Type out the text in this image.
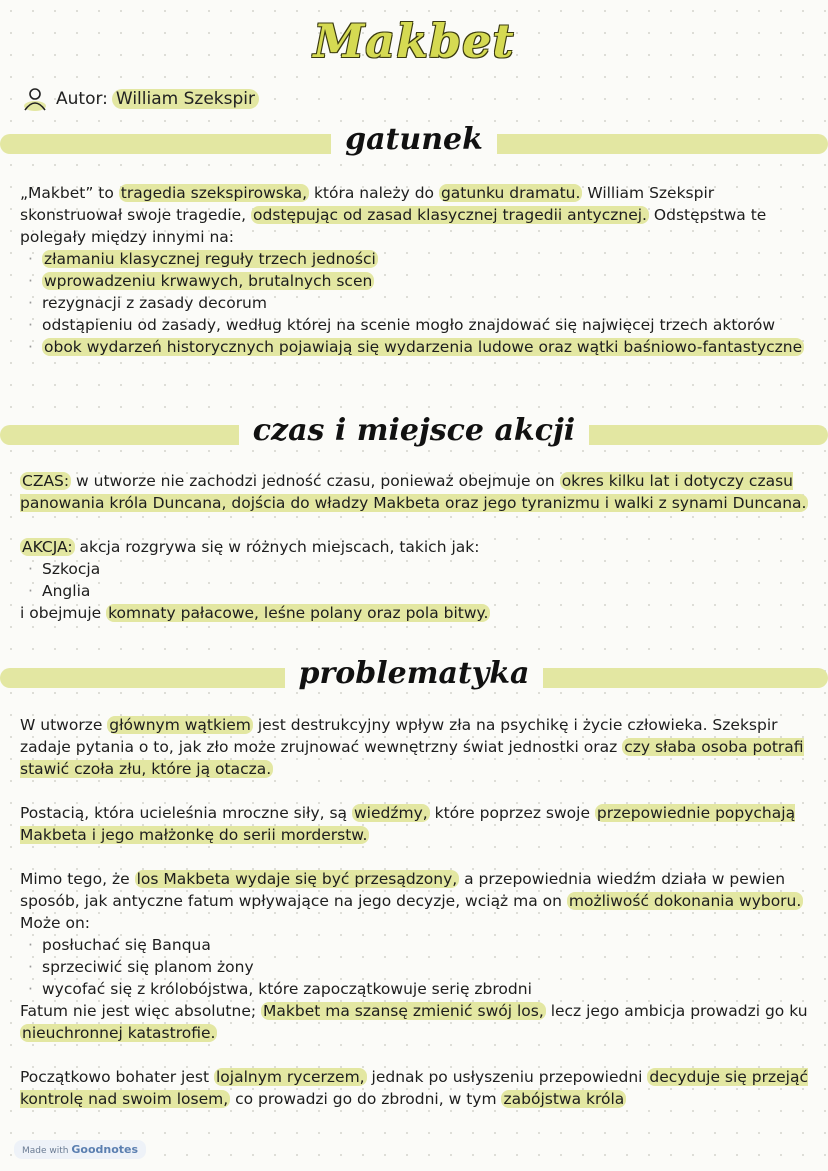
Makbet
Autor: William Szekspir
gatunek

„Makbet” to tragedia szekspirowska, która należy do gatunku dramatu. William Szekspir skonstruował swoje tragedie, odstępując od zasad klasycznej tragedii antycznej. Odstępstwa te polegały między innymi na:

· złamaniu klasycznej reguły trzech jedności
· wprowadzeniu krwawych, brutalnych scen
· rezygnacji z zasady decorum
· odstąpieniu od zasady, według której na scenie mogło znajdować się najwięcej trzech aktorów
· obok wydarzeń historycznych pojawiają się wydarzenia ludowe oraz wątki baśniowo-fantastyczne
czas i miejsce akcji

CZAS: w utworze nie zachodzi jedność czasu, ponieważ obejmuje on okres kilku lat i dotyczy czasu panowania króla Duncana, dojścia do władzy Makbeta oraz jego tyranizmu i walki z synami Duncana.

AKCJA: akcja rozgrywa się w różnych miejscach, takich jak:

· Szkocja
· Anglia

i obejmuje komnaty pałacowe, leśne polany oraz pola bitwy.

problematyka

W utworze głównym wątkiem jest destrukcyjny wpływ zła na psychikę i życie człowieka. Szekspir zadaje pytania o to, jak zło może zrujnować wewnętrzny świat jednostki oraz czy słaba osoba potrafi stawić czoła złu, które ją otacza.

Postacią, która ucieleśnia mroczne siły, są wiedźmy, które poprzez swoje przepowiednie popychają Makbeta i jego małżonkę do serii morderstw.

Mimo tego, że los Makbeta wydaje się być przesądzony, a przepowiednia wiedźm działa w pewien sposób, jak antyczne fatum wpływające na jego decyzje, wciąż ma on możliwość dokonania wyboru. Może on:

· posłuchać się Banqua
· sprzeciwić się planom żony
· wycofać się z królobójstwa, które zapoczątkowuje serię zbrodni

Fatum nie jest więc absolutne; Makbet ma szansę zmienić swój los, lecz jego ambicja prowadzi go ku nieuchronnej katastrofie.

Początkowo bohater jest lojalnym rycerzem, jednak po usłyszeniu przepowiedni decyduje się przejąć kontrolę nad swoim losem, co prowadzi go do zbrodni, w tym zabójstwa króla

Made with Goodnotes
